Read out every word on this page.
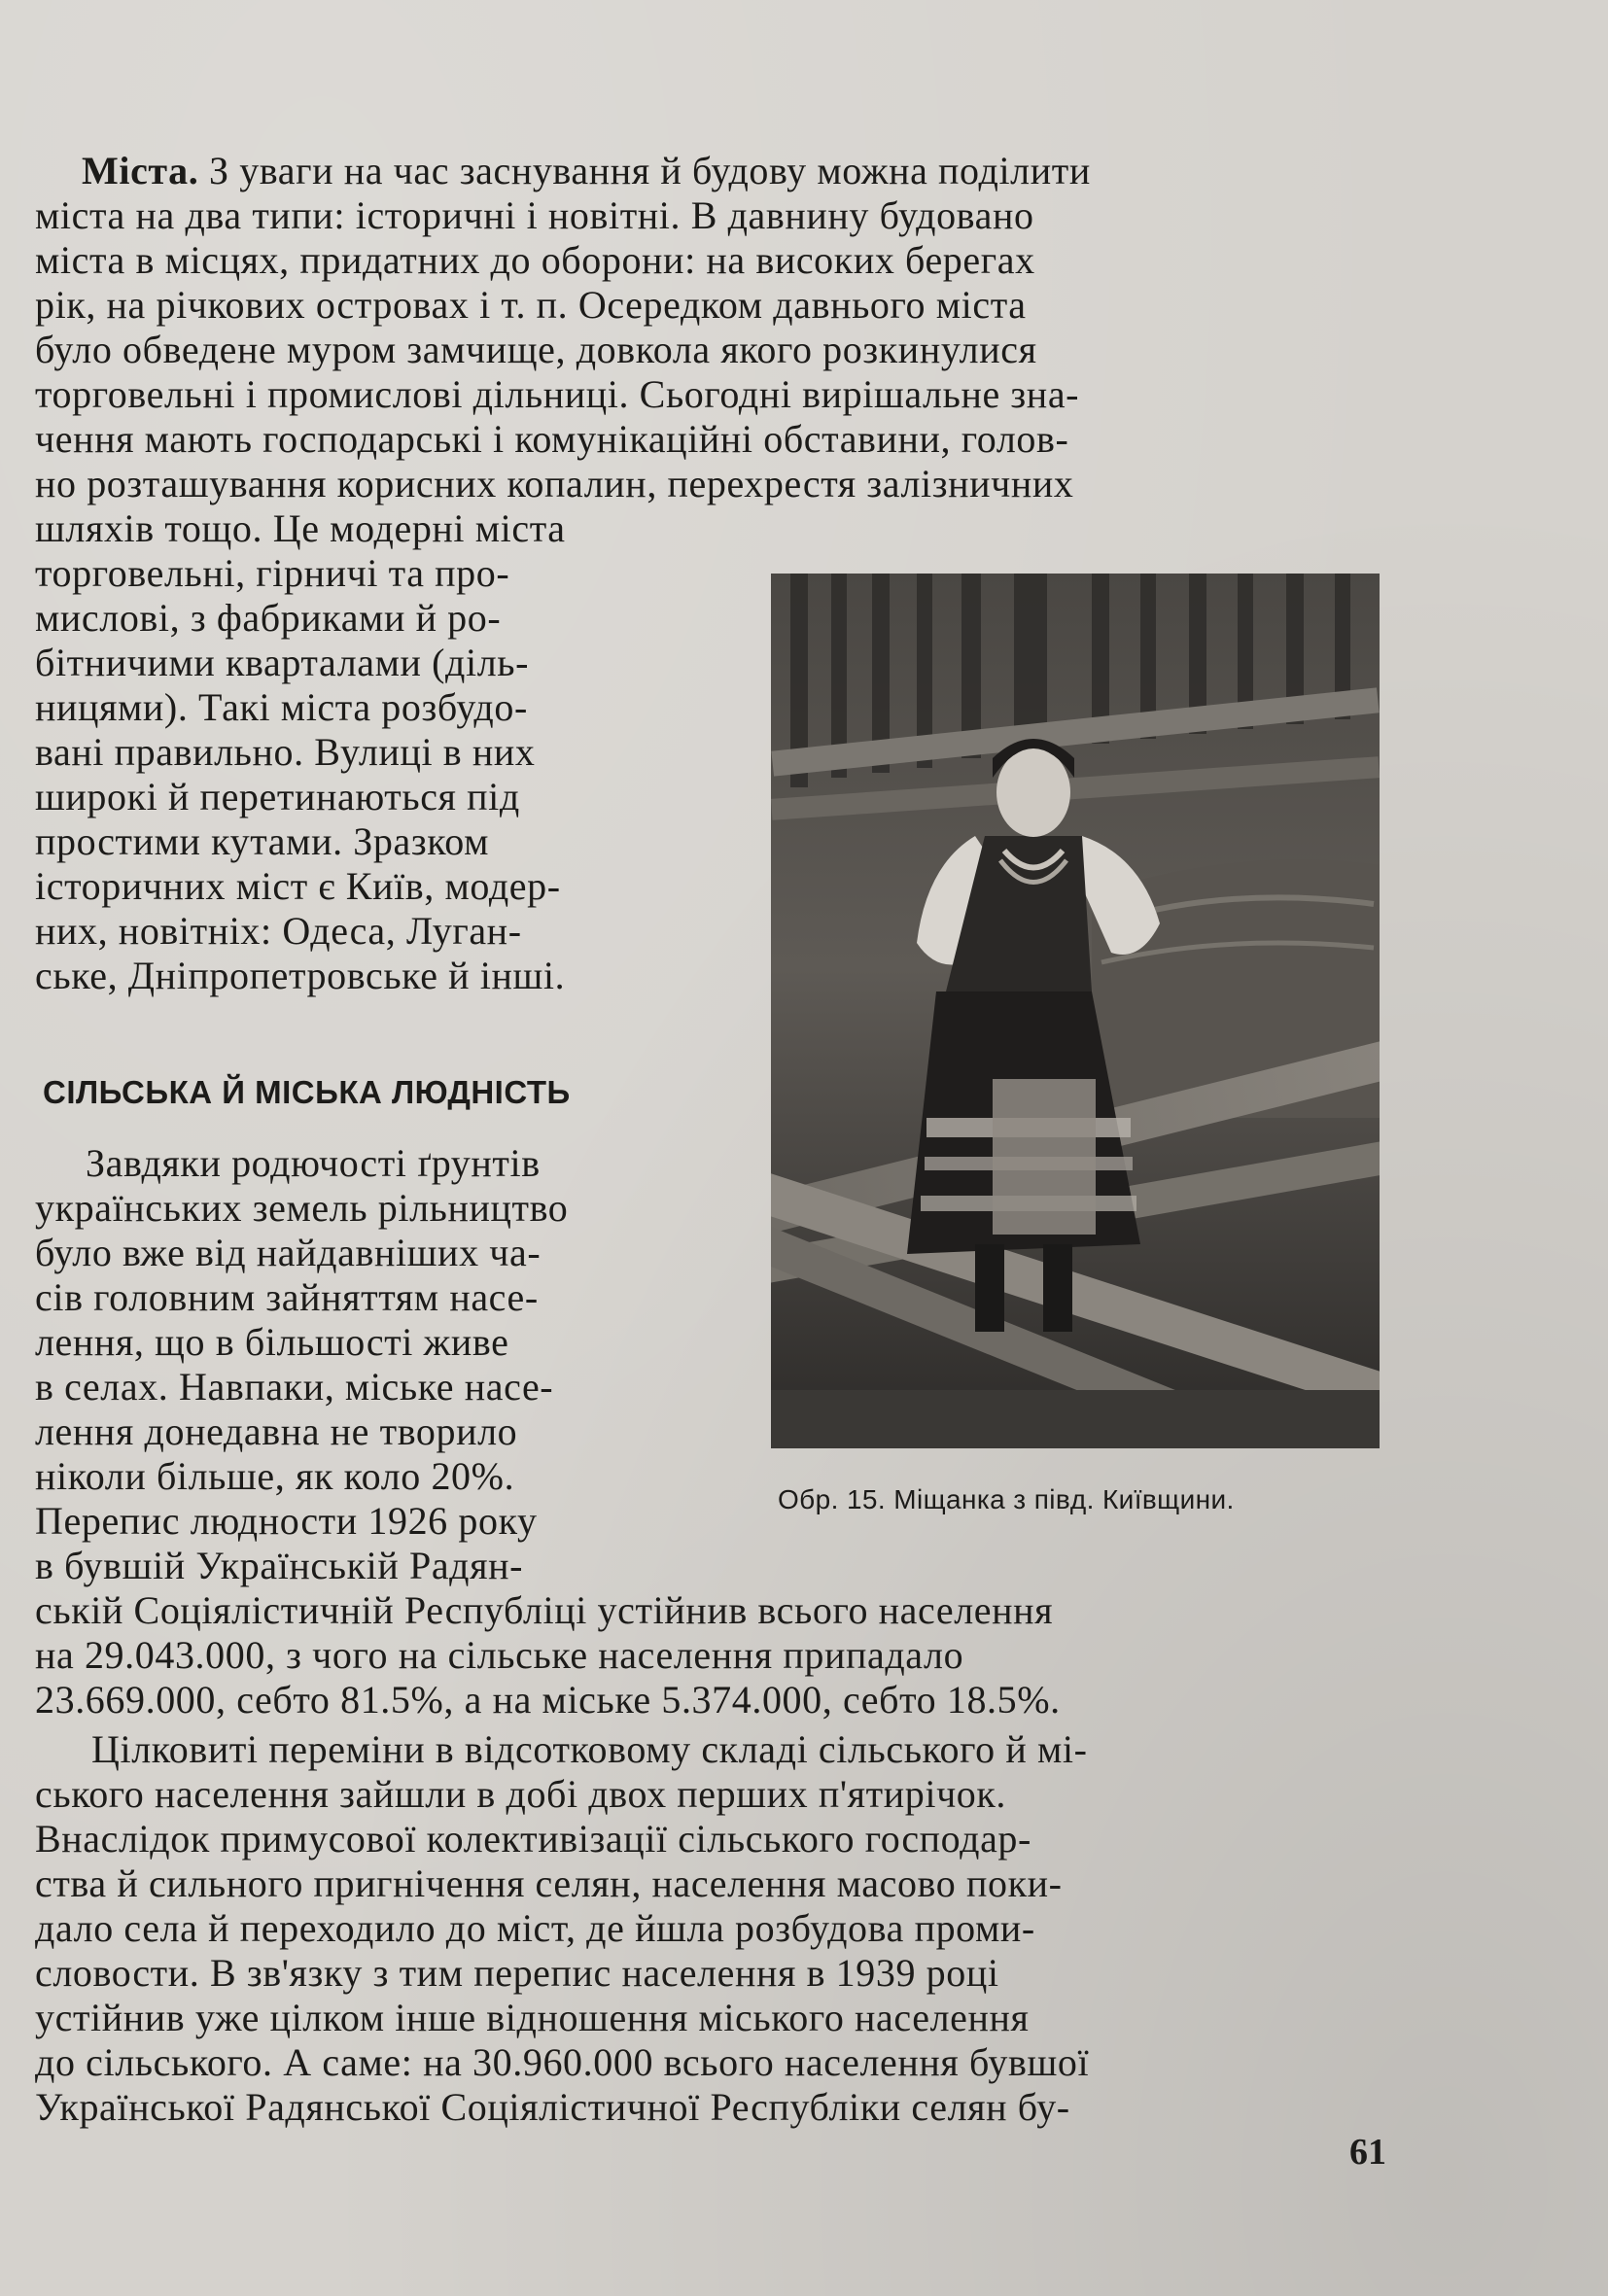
Міста. З уваги на час заснування й будову можна поділити
міста на два типи: історичні і новітні. В давнину будовано
міста в місцях, придатних до оборони: на високих берегах
рік, на річкових островах і т. п. Осередком давнього міста
було обведене муром замчище, довкола якого розкинулися
торговельні і промислові дільниці. Сьогодні вирішальне зна-
чення мають господарські і комунікаційні обставини, голов-
но розташування корисних копалин, перехрестя залізничних
шляхів тощо. Це модерні міста
торговельні, гірничі та про-
мислові, з фабриками й ро-
бітничими кварталами (діль-
ницями). Такі міста розбудо-
вані правильно. Вулиці в них
широкі й перетинаються під
простими кутами. Зразком
історичних міст є Київ, модер-
них, новітніх: Одеса, Луган-
ське, Дніпропетровське й інші.
СІЛЬСЬКА Й МІСЬКА ЛЮДНІСТЬ
Завдяки родючості ґрунтів
українських земель рільництво
було вже від найдавніших ча-
сів головним зайняттям насе-
лення, що в більшості живе
в селах. Навпаки, міське насе-
лення донедавна не творило
ніколи більше, як коло 20%.
Перепис людности 1926 року
в бувшій Українській Радян-
ській Соціялістичній Республіці устійнив всього населення
на 29.043.000, з чого на сільське населення припадало
23.669.000, себто 81.5%, а на міське 5.374.000, себто 18.5%.
Цілковиті переміни в відсотковому складі сільського й мі-
ського населення зайшли в добі двох перших п'ятирічок.
Внаслідок примусової колективізації сільського господар-
ства й сильного пригнічення селян, населення масово поки-
дало села й переходило до міст, де йшла розбудова проми-
словости. В зв'язку з тим перепис населення в 1939 році
устійнив уже цілком інше відношення міського населення
до сільського. А саме: на 30.960.000 всього населення бувшої
Української Радянської Соціялістичної Республіки селян бу-
Обр. 15. Міщанка з півд. Київщини.
61
